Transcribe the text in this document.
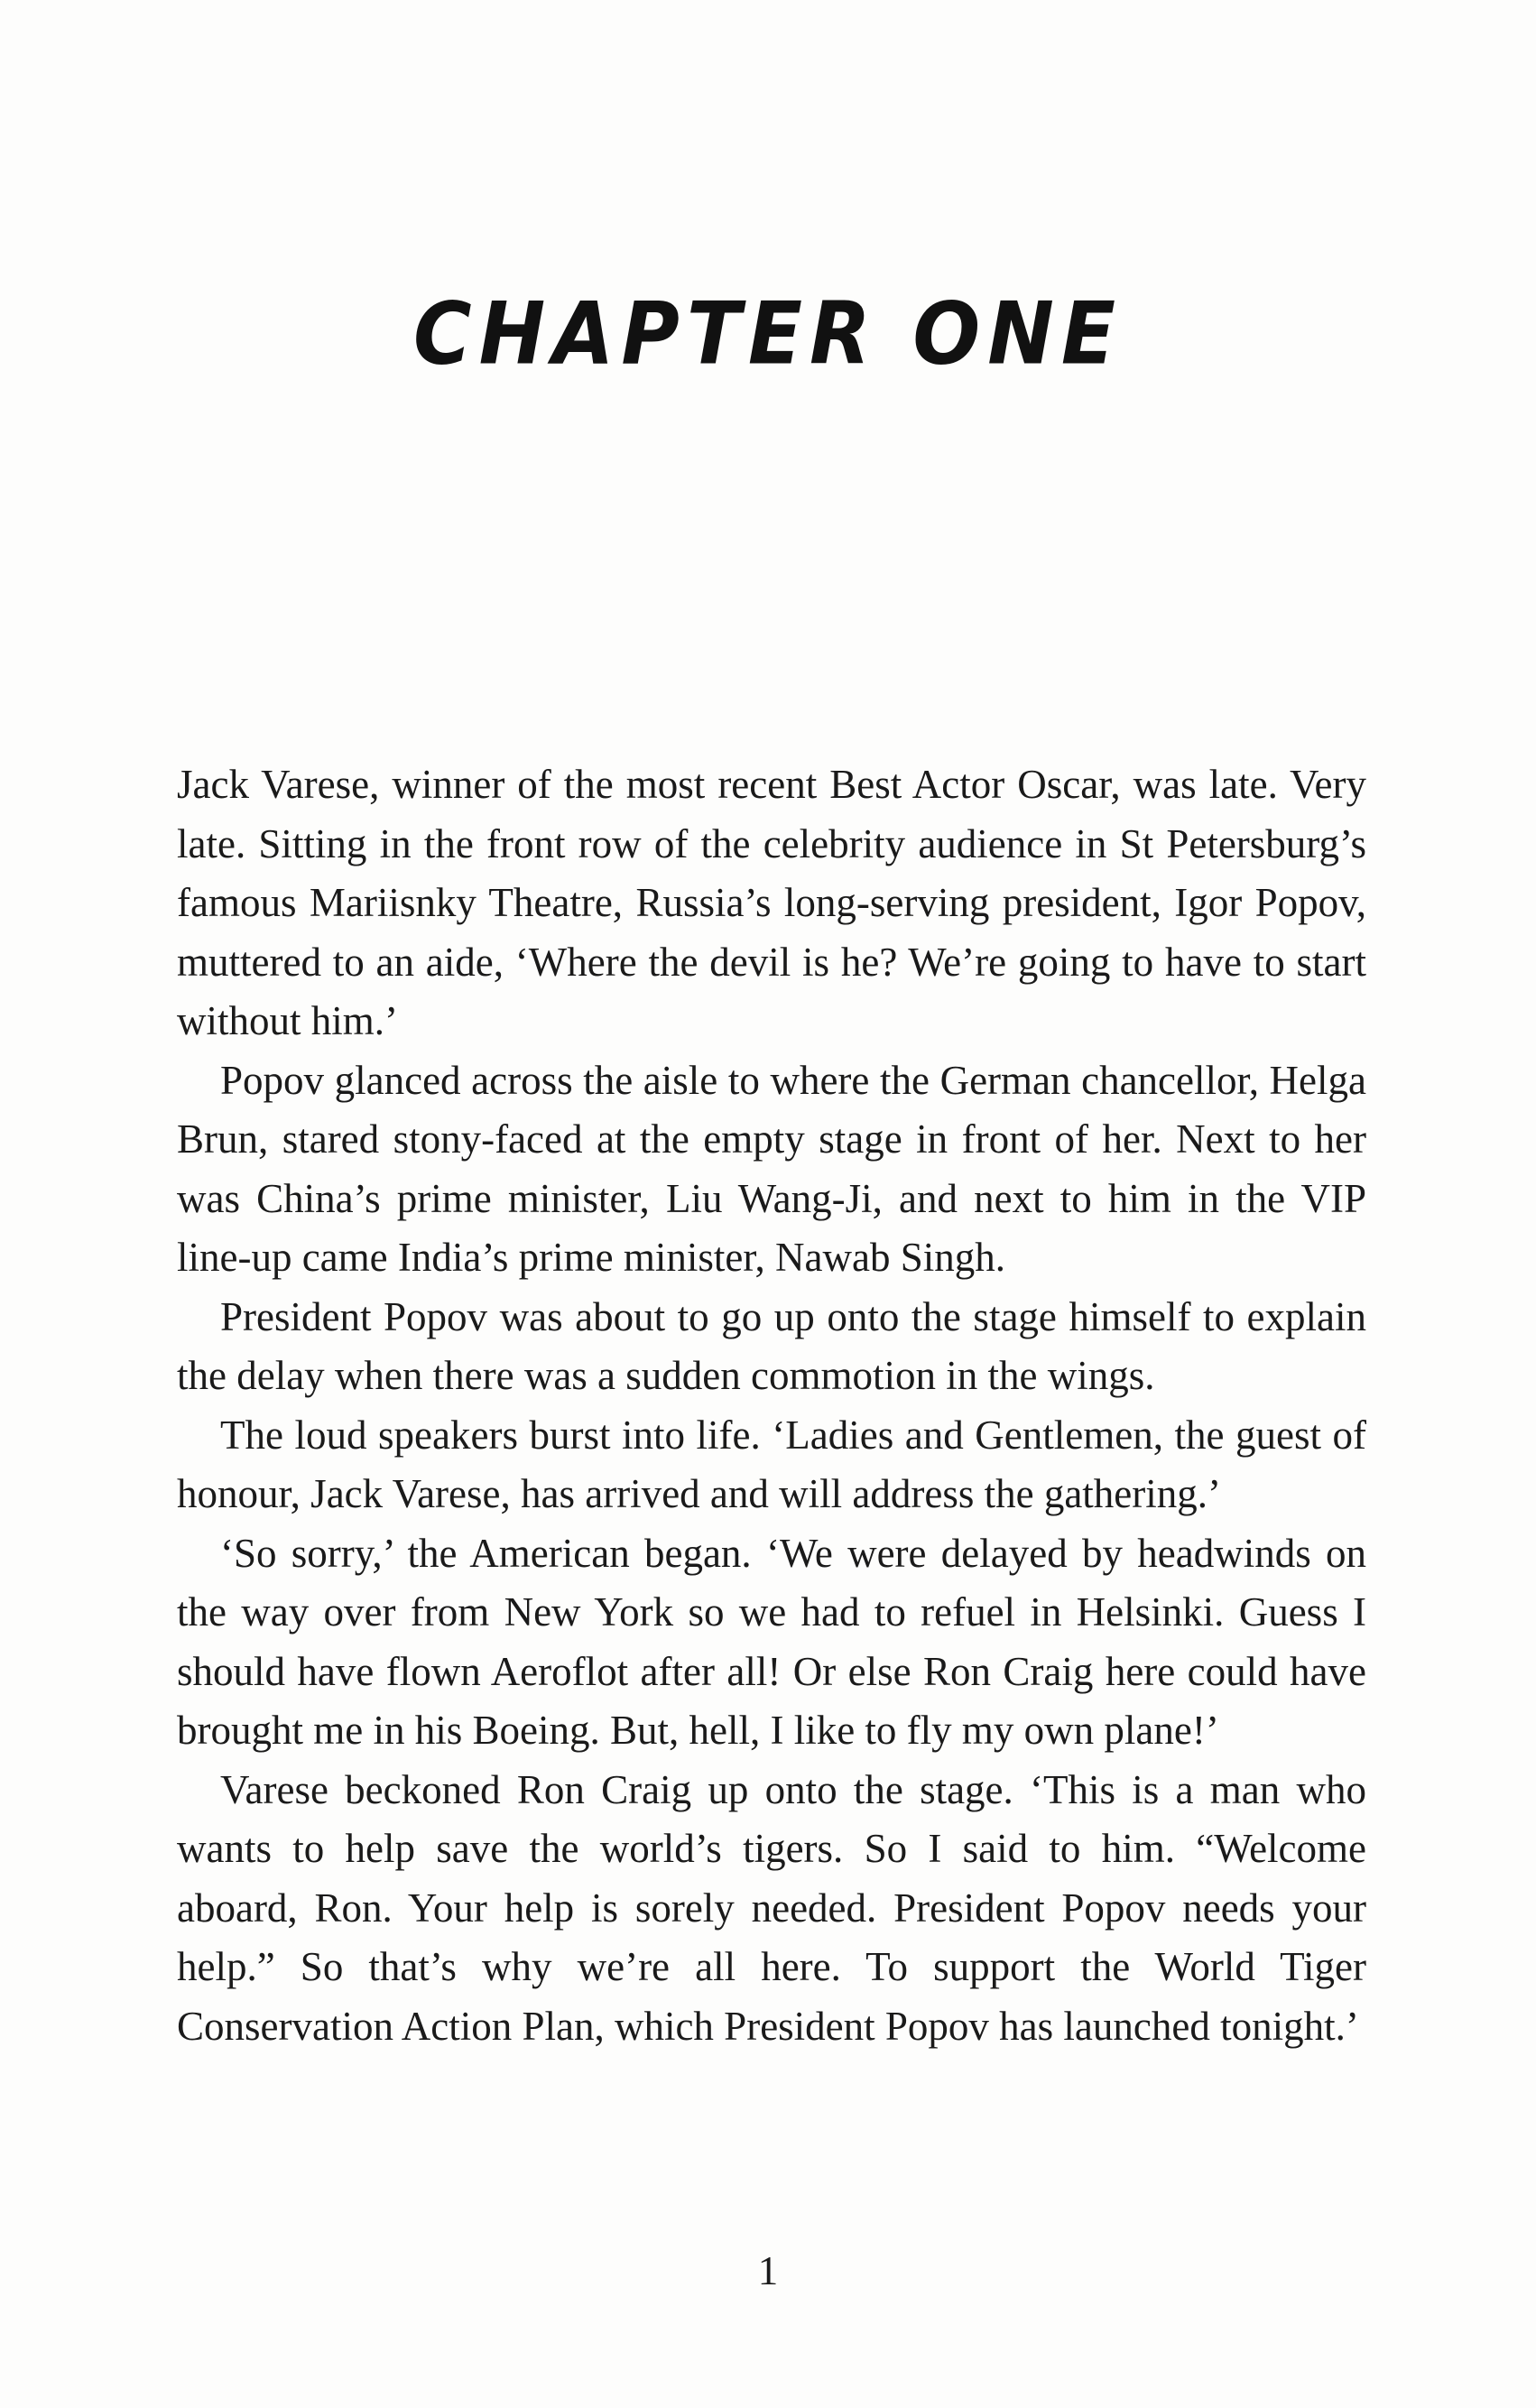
CHAPTER ONE

Jack Varese, winner of the most recent Best Actor Oscar, was late. Very late. Sitting in the front row of the celebrity audience in St Petersburg’s famous Mariisnky Theatre, Russia’s long-serving president, Igor Popov, muttered to an aide, ‘Where the devil is he? We’re going to have to start without him.’

Popov glanced across the aisle to where the German chancellor, Helga Brun, stared stony-faced at the empty stage in front of her. Next to her was China’s prime minister, Liu Wang-Ji, and next to him in the VIP line-up came India’s prime minister, Nawab Singh.

President Popov was about to go up onto the stage himself to explain the delay when there was a sudden commotion in the wings.

The loud speakers burst into life. ‘Ladies and Gentlemen, the guest of honour, Jack Varese, has arrived and will address the gathering.’

‘So sorry,’ the American began. ‘We were delayed by headwinds on the way over from New York so we had to refuel in Helsinki. Guess I should have flown Aeroflot after all! Or else Ron Craig here could have brought me in his Boeing. But, hell, I like to fly my own plane!’

Varese beckoned Ron Craig up onto the stage. ‘This is a man who wants to help save the world’s tigers. So I said to him. “Welcome aboard, Ron. Your help is sorely needed. President Popov needs your help.” So that’s why we’re all here. To support the World Tiger Conservation Action Plan, which President Popov has launched tonight.’

1
